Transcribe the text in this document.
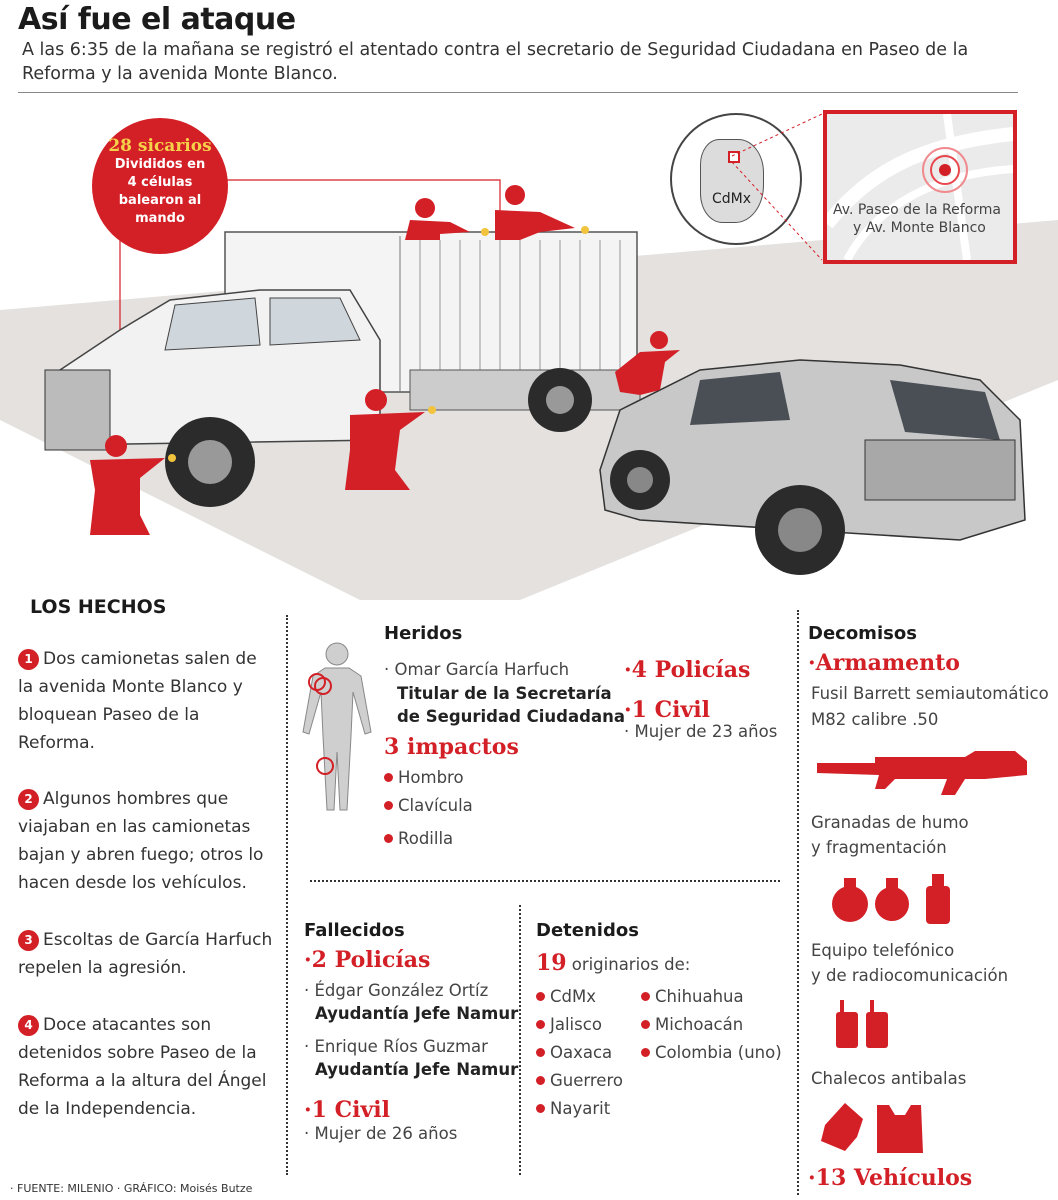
Así fue el ataque
A las 6:35 de la mañana se registró el atentado contra el secretario de Seguridad Ciudadana en Paseo de la Reforma y la avenida Monte Blanco.
28 sicarios
Divididos en
4 células
balearon al
mando
CdMx
Av. Paseo de la Reforma
y Av. Monte Blanco
LOS HECHOS
1 Dos camionetas salen de la avenida Monte Blanco y bloquean Paseo de la Reforma.
2 Algunos hombres que viajaban en las camionetas bajan y abren fuego; otros lo hacen desde los vehículos.
3 Escoltas de García Harfuch repelen la agresión.
4 Doce atacantes son detenidos sobre Paseo de la Reforma a la altura del Ángel de la Independencia.
Heridos
· Omar García Harfuch
Titular de la Secretaría
de Seguridad Ciudadana
3 impactos
Hombro
Clavícula
Rodilla
·4 Policías
·1 Civil
· Mujer de 23 años
Fallecidos
·2 Policías
· Édgar González Ortíz
Ayudantía Jefe Namur
· Enrique Ríos Guzmar
Ayudantía Jefe Namur
·1 Civil
· Mujer de 26 años
Detenidos
19 originarios de:
CdMx
Jalisco
Oaxaca
Guerrero
Nayarit
Chihuahua
Michoacán
Colombia (uno)
Decomisos
·Armamento
Fusil Barrett semiautomático
M82 calibre .50
Granadas de humo
y fragmentación
Equipo telefónico
y de radiocomunicación
Chalecos antibalas
·13 Vehículos
· FUENTE: MILENIO · GRÁFICO: Moisés Butze
